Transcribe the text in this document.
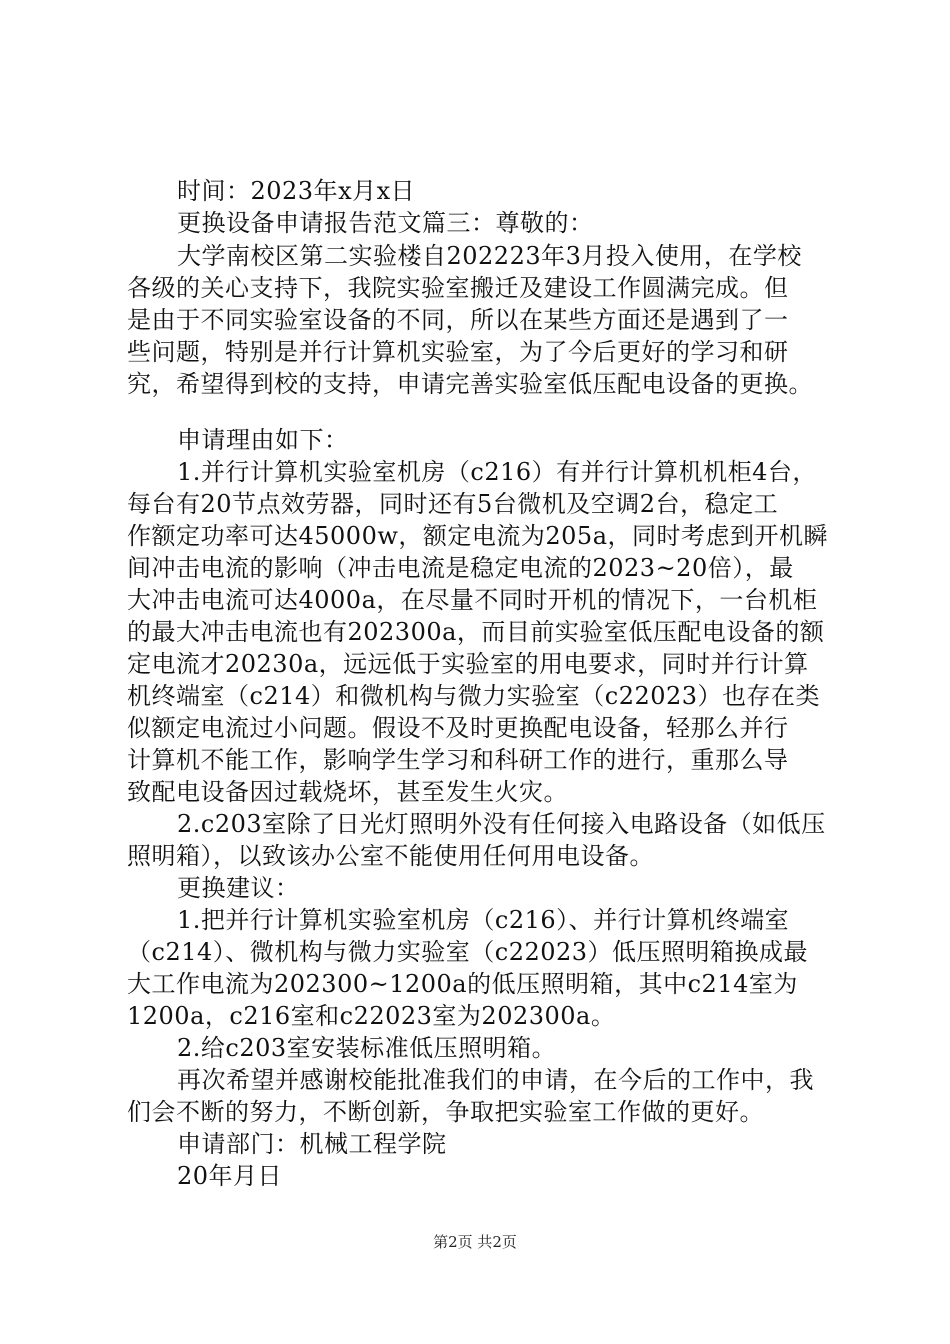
时间：2023年x月x日
更换设备申请报告范文篇三：尊敬的：
大学南校区第二实验楼自202223年3月投入使用，在学校
各级的关心支持下，我院实验室搬迁及建设工作圆满完成。但
是由于不同实验室设备的不同，所以在某些方面还是遇到了一
些问题，特别是并行计算机实验室，为了今后更好的学习和研
究，希望得到校的支持，申请完善实验室低压配电设备的更换。
申请理由如下：
1.并行计算机实验室机房（c216）有并行计算机机柜4台，
每台有20节点效劳器，同时还有5台微机及空调2台，稳定工
作额定功率可达45000w，额定电流为205a，同时考虑到开机瞬
间冲击电流的影响（冲击电流是稳定电流的2023~20倍），最
大冲击电流可达4000a，在尽量不同时开机的情况下，一台机柜
的最大冲击电流也有202300a，而目前实验室低压配电设备的额
定电流才20230a，远远低于实验室的用电要求，同时并行计算
机终端室（c214）和微机构与微力实验室（c22023）也存在类
似额定电流过小问题。假设不及时更换配电设备，轻那么并行
计算机不能工作，影响学生学习和科研工作的进行，重那么导
致配电设备因过载烧坏，甚至发生火灾。
2.c203室除了日光灯照明外没有任何接入电路设备（如低压
照明箱），以致该办公室不能使用任何用电设备。
更换建议：
1.把并行计算机实验室机房（c216）、并行计算机终端室
（c214）、微机构与微力实验室（c22023）低压照明箱换成最
大工作电流为202300~1200a的低压照明箱，其中c214室为
1200a，c216室和c22023室为202300a。
2.给c203室安装标准低压照明箱。
再次希望并感谢校能批准我们的申请，在今后的工作中，我
们会不断的努力，不断创新，争取把实验室工作做的更好。
申请部门：机械工程学院
20年月日
第2页 共2页
